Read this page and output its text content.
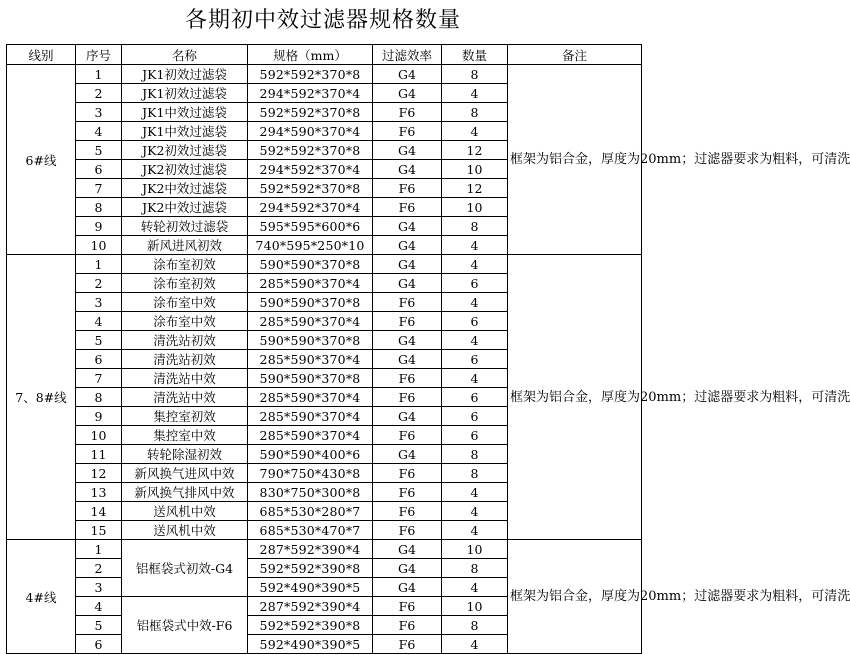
各期初中效过滤器规格数量
线别	序号	名称	规格（mm）	过滤效率	数量	备注
6#线	1	JK1初效过滤袋	592*592*370*8	G4	8	框架为铝合金，厚度为20mm；过滤器要求为粗料，可清洗
	2	JK1初效过滤袋	294*592*370*4	G4	4	
	3	JK1中效过滤袋	592*592*370*8	F6	8	
	4	JK1中效过滤袋	294*590*370*4	F6	4	
	5	JK2初效过滤袋	592*592*370*8	G4	12	
	6	JK2初效过滤袋	294*592*370*4	G4	10	
	7	JK2中效过滤袋	592*592*370*8	F6	12	
	8	JK2中效过滤袋	294*592*370*4	F6	10	
	9	转轮初效过滤袋	595*595*600*6	G4	8	
	10	新风进风初效	740*595*250*10	G4	4	
7、8#线	1	涂布室初效	590*590*370*8	G4	4	框架为铝合金，厚度为20mm；过滤器要求为粗料，可清洗
	2	涂布室初效	285*590*370*4	G4	6	
	3	涂布室中效	590*590*370*8	F6	4	
	4	涂布室中效	285*590*370*4	F6	6	
	5	清洗站初效	590*590*370*8	G4	4	
	6	清洗站初效	285*590*370*4	G4	6	
	7	清洗站中效	590*590*370*8	F6	4	
	8	清洗站中效	285*590*370*4	F6	6	
	9	集控室初效	285*590*370*4	G4	6	
	10	集控室中效	285*590*370*4	F6	6	
	11	转轮除湿初效	590*590*400*6	G4	8	
	12	新风换气进风中效	790*750*430*8	F6	8	
	13	新风换气排风中效	830*750*300*8	F6	4	
	14	送风机中效	685*530*280*7	F6	4	
	15	送风机中效	685*530*470*7	F6	4	
4#线	1	铝框袋式初效-G4	287*592*390*4	G4	10	框架为铝合金，厚度为20mm；过滤器要求为粗料，可清洗
	2		592*592*390*8	G4	8	
	3		592*490*390*5	G4	4	
	4	铝框袋式中效-F6	287*592*390*4	F6	10	
	5		592*592*390*8	F6	8	
	6		592*490*390*5	F6	4	
